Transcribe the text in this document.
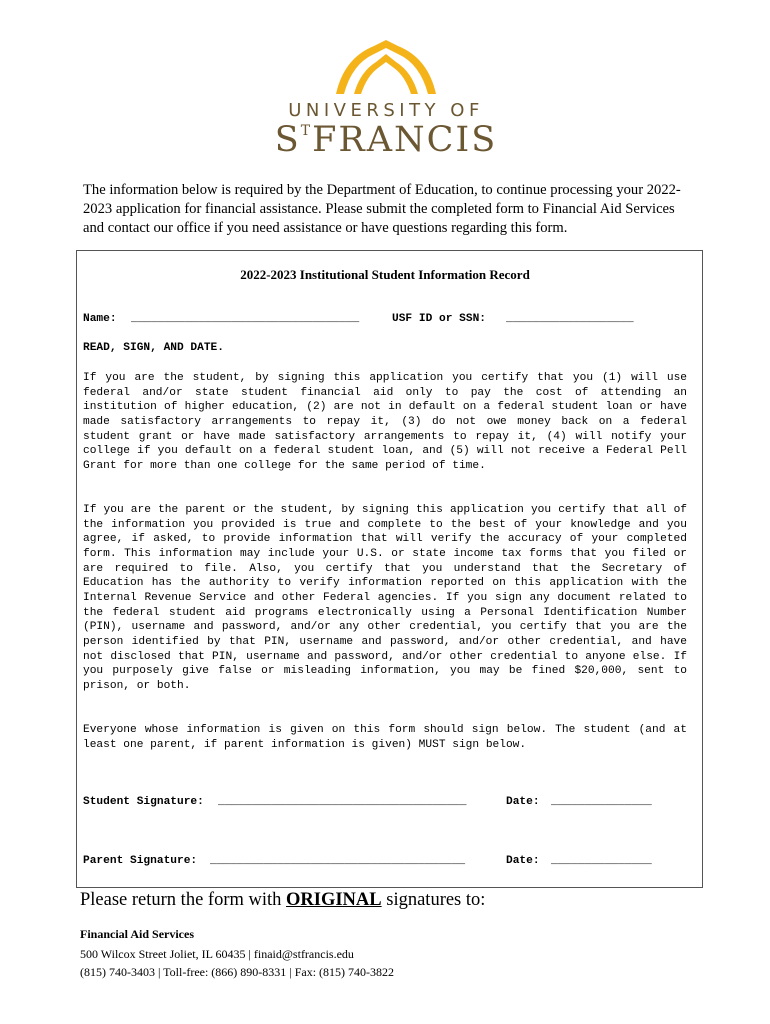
UNIVERSITY OF
$S^TFRANCIS$

The information below is required by the Department of Education, to continue processing your 2022-2023 application for financial assistance. Please submit the completed form to Financial Aid Services and contact our office if you need assistance or have questions regarding this form.

2022-2023 Institutional Student Information Record

Name: __________________________________	USF ID or SSN: ___________________

READ, SIGN, AND DATE.

If you are the student, by signing this application you certify that you (1) will use federal and/or state student financial aid only to pay the cost of attending an institution of higher education, (2) are not in default on a federal student loan or have made satisfactory arrangements to repay it, (3) do not owe money back on a federal student grant or have made satisfactory arrangements to repay it, (4) will notify your college if you default on a federal student loan, and (5) will not receive a Federal Pell Grant for more than one college for the same period of time.

If you are the parent or the student, by signing this application you certify that all of the information you provided is true and complete to the best of your knowledge and you agree, if asked, to provide information that will verify the accuracy of your completed form. This information may include your U.S. or state income tax forms that you filed or are required to file. Also, you certify that you understand that the Secretary of Education has the authority to verify information reported on this application with the Internal Revenue Service and other Federal agencies. If you sign any document related to the federal student aid programs electronically using a Personal Identification Number (PIN), username and password, and/or any other credential, you certify that you are the person identified by that PIN, username and password, and/or other credential, and have not disclosed that PIN, username and password, and/or other credential to anyone else. If you purposely give false or misleading information, you may be fined $20,000, sent to prison, or both.

Everyone whose information is given on this form should sign below. The student (and at least one parent, if parent information is given) MUST sign below.

Student Signature: _____________________________________	Date: _______________

Parent Signature: ______________________________________	Date: _______________

Please return the form with ORIGINAL signatures to:

Financial Aid Services

500 Wilcox Street Joliet, IL 60435 | finaid@stfrancis.edu

(815) 740-3403 | Toll-free: (866) 890-8331 | Fax: (815) 740-3822
